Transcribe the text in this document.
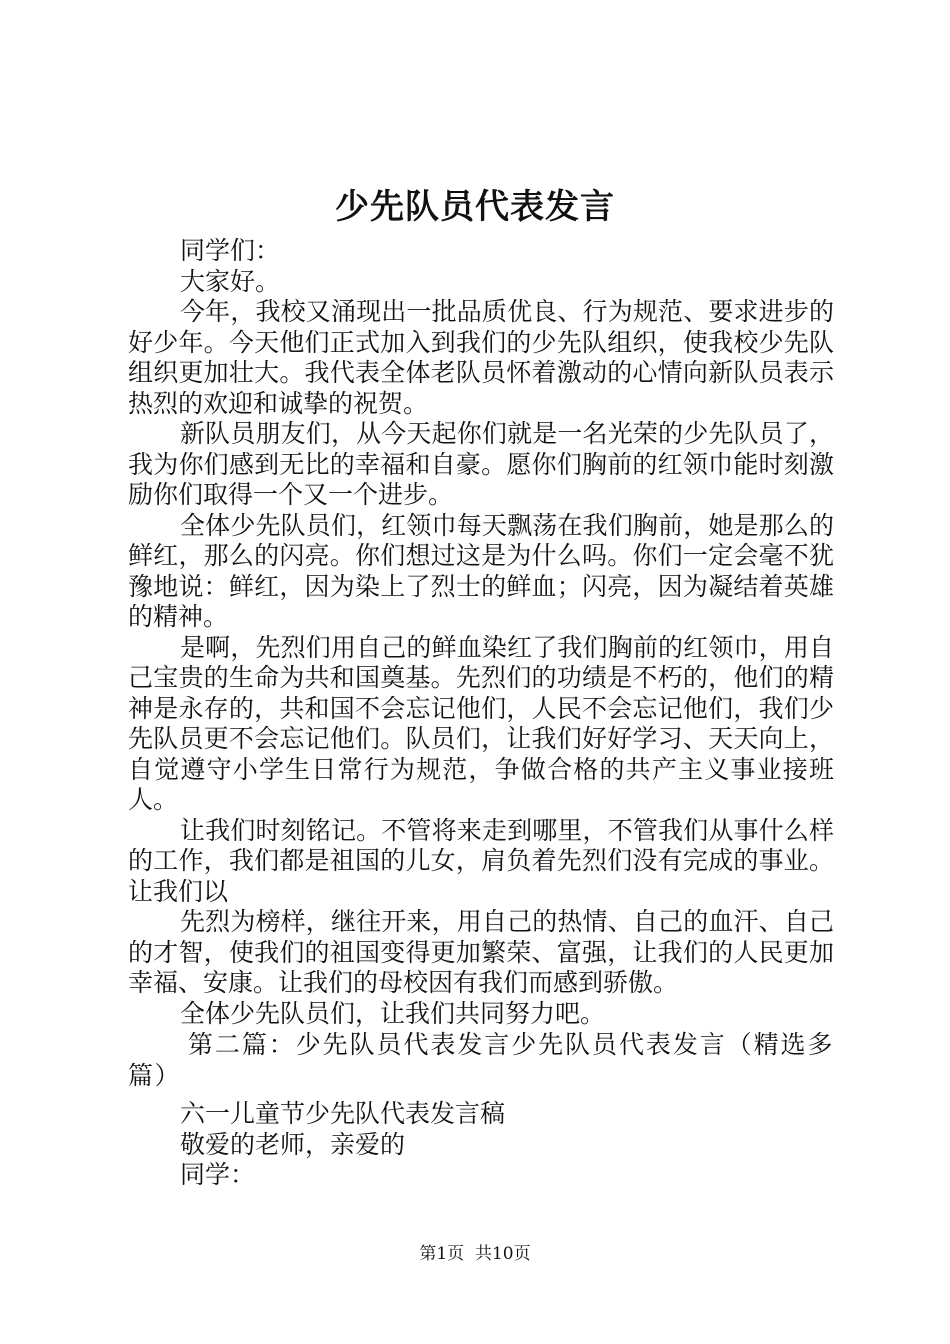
少先队员代表发言

同学们：

大家好。

今年，我校又涌现出一批品质优良、行为规范、要求进步的好少年。今天他们正式加入到我们的少先队组织，使我校少先队组织更加壮大。我代表全体老队员怀着激动的心情向新队员表示热烈的欢迎和诚挚的祝贺。

新队员朋友们，从今天起你们就是一名光荣的少先队员了，我为你们感到无比的幸福和自豪。愿你们胸前的红领巾能时刻激励你们取得一个又一个进步。

全体少先队员们，红领巾每天飘荡在我们胸前，她是那么的鲜红，那么的闪亮。你们想过这是为什么吗。你们一定会毫不犹豫地说：鲜红，因为染上了烈士的鲜血；闪亮，因为凝结着英雄的精神。

是啊，先烈们用自己的鲜血染红了我们胸前的红领巾，用自己宝贵的生命为共和国奠基。先烈们的功绩是不朽的，他们的精神是永存的，共和国不会忘记他们，人民不会忘记他们，我们少先队员更不会忘记他们。队员们，让我们好好学习、天天向上，自觉遵守小学生日常行为规范，争做合格的共产主义事业接班人。

让我们时刻铭记。不管将来走到哪里，不管我们从事什么样的工作，我们都是祖国的儿女，肩负着先烈们没有完成的事业。让我们以

先烈为榜样，继往开来，用自己的热情、自己的血汗、自己的才智，使我们的祖国变得更加繁荣、富强，让我们的人民更加幸福、安康。让我们的母校因有我们而感到骄傲。

全体少先队员们，让我们共同努力吧。

第二篇：少先队员代表发言少先队员代表发言（精选多篇）

六一儿童节少先队代表发言稿

敬爱的老师，亲爱的

同学：

第1页  共10页
